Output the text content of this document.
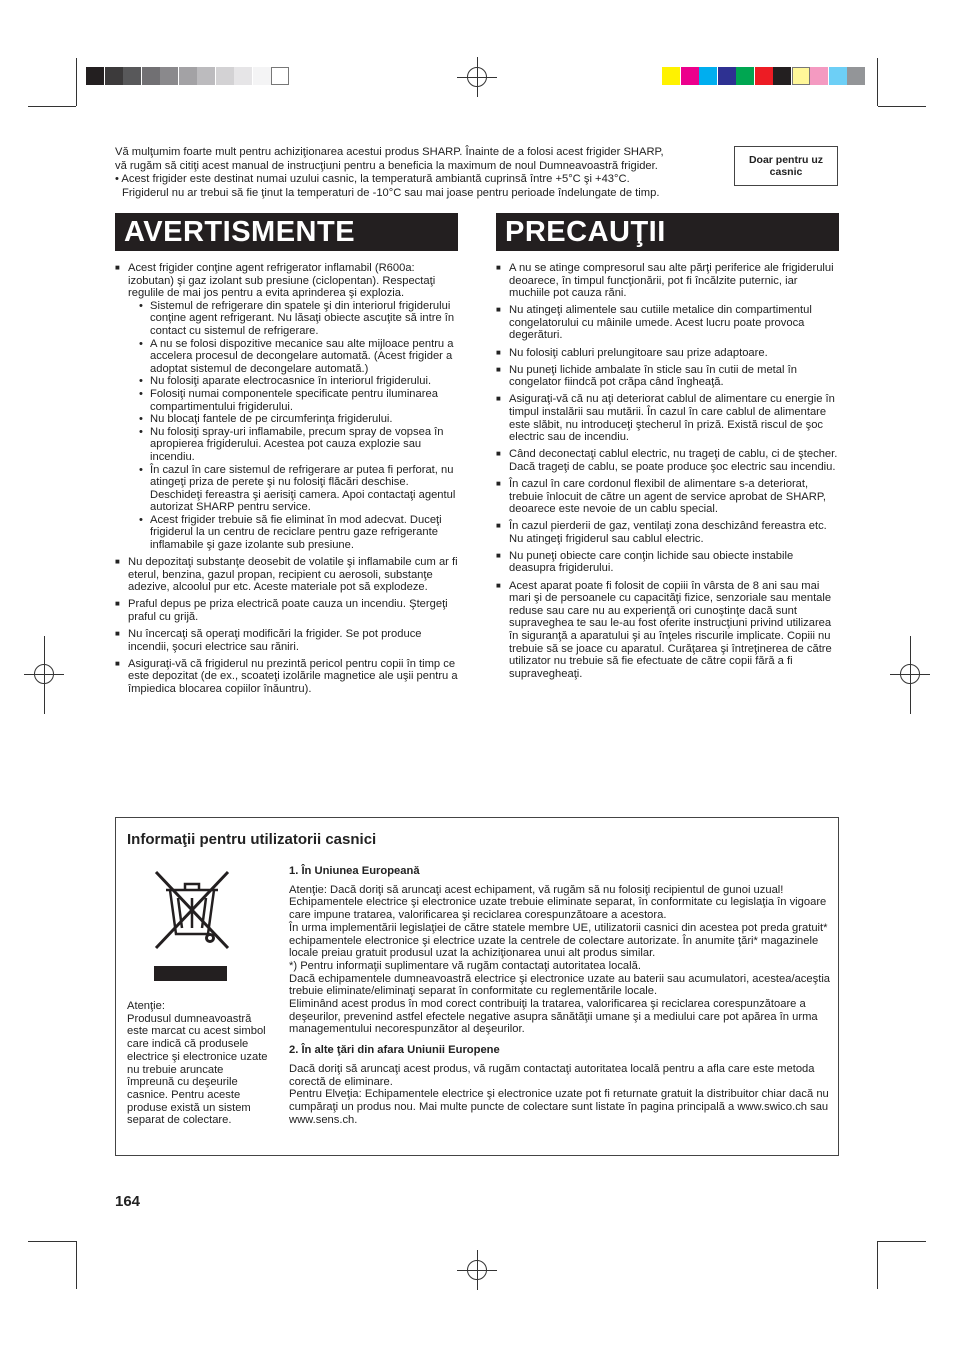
Vă mulţumim foarte mult pentru achiziţionarea acestui produs SHARP. Înainte de a folosi acest frigider SHARP,

vă rugăm să citiţi acest manual de instrucţiuni pentru a beneficia la maximum de noul Dumneavoastră frigider.

• Acest frigider este destinat numai uzului casnic, la temperatură ambiantă cuprinsă între +5°C şi +43°C.

Frigiderul nu ar trebui să fie ţinut la temperaturi de -10°C sau mai joase pentru perioade îndelungate de timp.

Doar pentru uz casnic
AVERTISMENTE	PRECAUŢII
■ Acest frigider conţine agent refrigerator inflamabil (R600a: izobutan) şi gaz izolant sub presiune (ciclopentan). Respectaţi regulile de mai jos pentru a evita aprinderea şi explozia.
• Sistemul de refrigerare din spatele şi din interiorul frigiderului conţine agent refrigerant. Nu lăsaţi obiecte ascuţite să intre în contact cu sistemul de refrigerare.
• A nu se folosi dispozitive mecanice sau alte mijloace pentru a accelera procesul de decongelare automată. (Acest frigider a adoptat sistemul de decongelare automată.)
• Nu folosiţi aparate electrocasnice în interiorul frigiderului.
• Folosiţi numai componentele specificate pentru iluminarea compartimentului frigiderului.
• Nu blocaţi fantele de pe circumferinţa frigiderului.
• Nu folosiţi spray-uri inflamabile, precum spray de vopsea în apropierea frigiderului. Acestea pot cauza explozie sau incendiu.
• În cazul în care sistemul de refrigerare ar putea fi perforat, nu atingeţi priza de perete şi nu folosiţi flăcări deschise. Deschideţi fereastra şi aerisiţi camera. Apoi contactaţi agentul autorizat SHARP pentru service.
• Acest frigider trebuie să fie eliminat în mod adecvat. Duceţi frigiderul la un centru de reciclare pentru gaze refrigerante inflamabile şi gaze izolante sub presiune.
■ Nu depozitaţi substanţe deosebit de volatile şi inflamabile cum ar fi eterul, benzina, gazul propan, recipient cu aerosoli, substanţe adezive, alcoolul pur etc. Aceste materiale pot să explodeze.
■ Praful depus pe priza electrică poate cauza un incendiu. Ştergeţi praful cu grijă.
■ Nu încercaţi să operaţi modificări la frigider. Se pot produce incendii, şocuri electrice sau răniri.
■ Asiguraţi-vă că frigiderul nu prezintă pericol pentru copii în timp ce este depozitat (de ex., scoateţi izolările magnetice ale uşii pentru a împiedica blocarea copiilor înăuntru).
■ A nu se atinge compresorul sau alte părţi periferice ale frigiderului deoarece, în timpul funcţionării, pot fi încălzite puternic, iar muchiile pot cauza răni.
■ Nu atingeţi alimentele sau cutiile metalice din compartimentul congelatorului cu mâinile umede. Acest lucru poate provoca degerături.
■ Nu folosiţi cabluri prelungitoare sau prize adaptoare.
■ Nu puneţi lichide ambalate în sticle sau în cutii de metal în congelator fiindcă pot crăpa când îngheaţă.
■ Asiguraţi-vă că nu aţi deteriorat cablul de alimentare cu energie în timpul instalării sau mutării. În cazul în care cablul de alimentare este slăbit, nu introduceţi ştecherul în priză. Există riscul de şoc electric sau de incendiu.
■ Când deconectaţi cablul electric, nu trageţi de cablu, ci de ştecher. Dacă trageţi de cablu, se poate produce şoc electric sau incendiu.
■ În cazul în care cordonul flexibil de alimentare s-a deteriorat, trebuie înlocuit de către un agent de service aprobat de SHARP, deoarece este nevoie de un cablu special.
■ În cazul pierderii de gaz, ventilaţi zona deschizând fereastra etc. Nu atingeţi frigiderul sau cablul electric.
■ Nu puneţi obiecte care conţin lichide sau obiecte instabile deasupra frigiderului.
■ Acest aparat poate fi folosit de copiii în vârsta de 8 ani sau mai mari şi de persoanele cu capacităţi fizice, senzoriale sau mentale reduse sau care nu au experienţă ori cunoştinţe dacă sunt supraveghea te sau le-au fost oferite instrucţiuni privind utilizarea în siguranţă a aparatului şi au înţeles riscurile implicate. Copiii nu trebuie să se joace cu aparatul. Curăţarea şi întreţinerea de către utilizator nu trebuie să fie efectuate de către copii fără a fi supravegheaţi.
Informaţii pentru utilizatorii casnici
Atenţie:
Produsul dumneavoastră este marcat cu acest simbol care indică că produsele electrice şi electronice uzate nu trebuie aruncate împreună cu deşeurile casnice. Pentru aceste produse există un sistem separat de colectare.
1. În Uniunea Europeană

Atenţie: Dacă doriţi să aruncaţi acest echipament, vă rugăm să nu folosiţi recipientul de gunoi uzual! Echipamentele electrice şi electronice uzate trebuie eliminate separat, în conformitate cu legislaţia în vigoare care impune tratarea, valorificarea şi reciclarea corespunzătoare a acestora.
În urma implementării legislaţiei de către statele membre UE, utilizatorii casnici din acestea pot preda gratuit* echipamentele electronice şi electrice uzate la centrele de colectare autorizate. În anumite ţări* magazinele locale preiau gratuit produsul uzat la achiziţionarea unui alt produs similar.
*) Pentru informaţii suplimentare vă rugăm contactaţi autoritatea locală.
Dacă echipamentele dumneavoastră electrice şi electronice uzate au baterii sau acumulatori, acestea/aceştia trebuie eliminate/eliminaţi separat în conformitate cu reglementările locale.
Eliminând acest produs în mod corect contribuiţi la tratarea, valorificarea şi reciclarea corespunzătoare a deşeurilor, prevenind astfel efectele negative asupra sănătăţii umane şi a mediului care pot apărea în urma managementului necorespunzător al deşeurilor.

2. În alte ţări din afara Uniunii Europene

Dacă doriţi să aruncaţi acest produs, vă rugăm contactaţi autoritatea locală pentru a afla care este metoda corectă de eliminare.
Pentru Elveţia: Echipamentele electrice şi electronice uzate pot fi returnate gratuit la distribuitor chiar dacă nu cumpăraţi un produs nou. Mai multe puncte de colectare sunt listate în pagina principală a www.swico.ch sau www.sens.ch.

164
